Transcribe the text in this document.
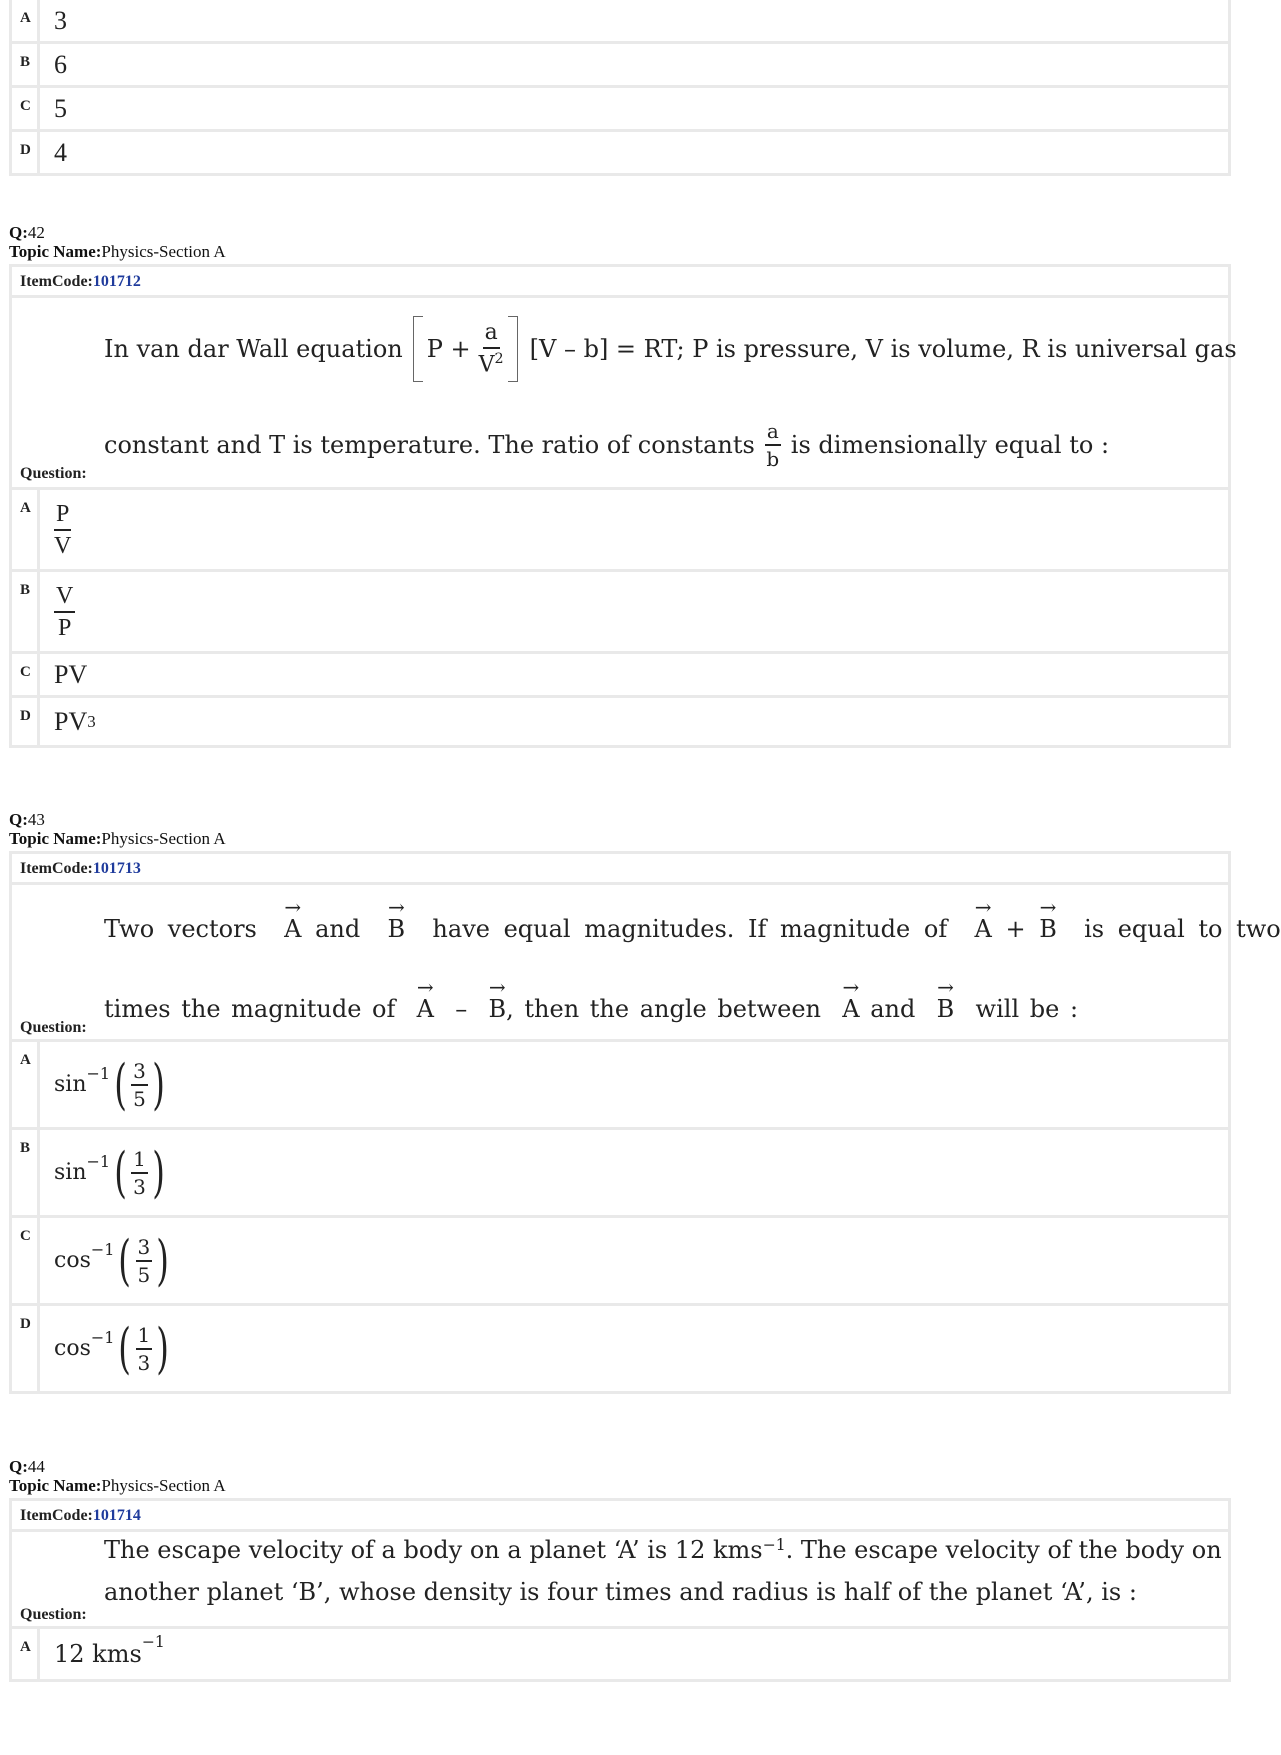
A 3
B 6
C 5
D 4
Q:42
Topic Name:Physics-Section A
ItemCode:101712
In van dar Wall equation $P + \frac{a}{V^2} [V - b]$ = RT; P is pressure, V is volume, R is universal gas
constant and T is temperature. The ratio of constants $\frac{a}{b}$ is dimensionally equal to :
Question:
A $\frac{P}{V}$
B $\frac{V}{P}$
C PV
D PV 3
Q:43
Topic Name:Physics-Section A
ItemCode:101713
Two vectors
→ A
and
→ B
have equal magnitudes. If magnitude of
→ A
+
→ B
is equal to two
times the magnitude of
→ A
–
→ B , then the angle between
→ A
and
→ B
will be :
Question:
A
$\sin^{-1}$ ( $\frac{3}{5}$ )
B
$\sin^{-1}$ ( $\frac{1}{3}$ )
C
$\cos^{-1}$ ( $\frac{3}{5}$ )
D
$\cos^{-1}$ ( $\frac{1}{3}$ )
Q:44
Topic Name:Physics-Section A
ItemCode:101714
The escape velocity of a body on a planet ‘A’ is 12 kms$^{-1}$ . The escape velocity of the body on
another planet ‘B’, whose density is four times and radius is half of the planet ‘A’, is :
Question:
A 12 kms$^{-1}$
